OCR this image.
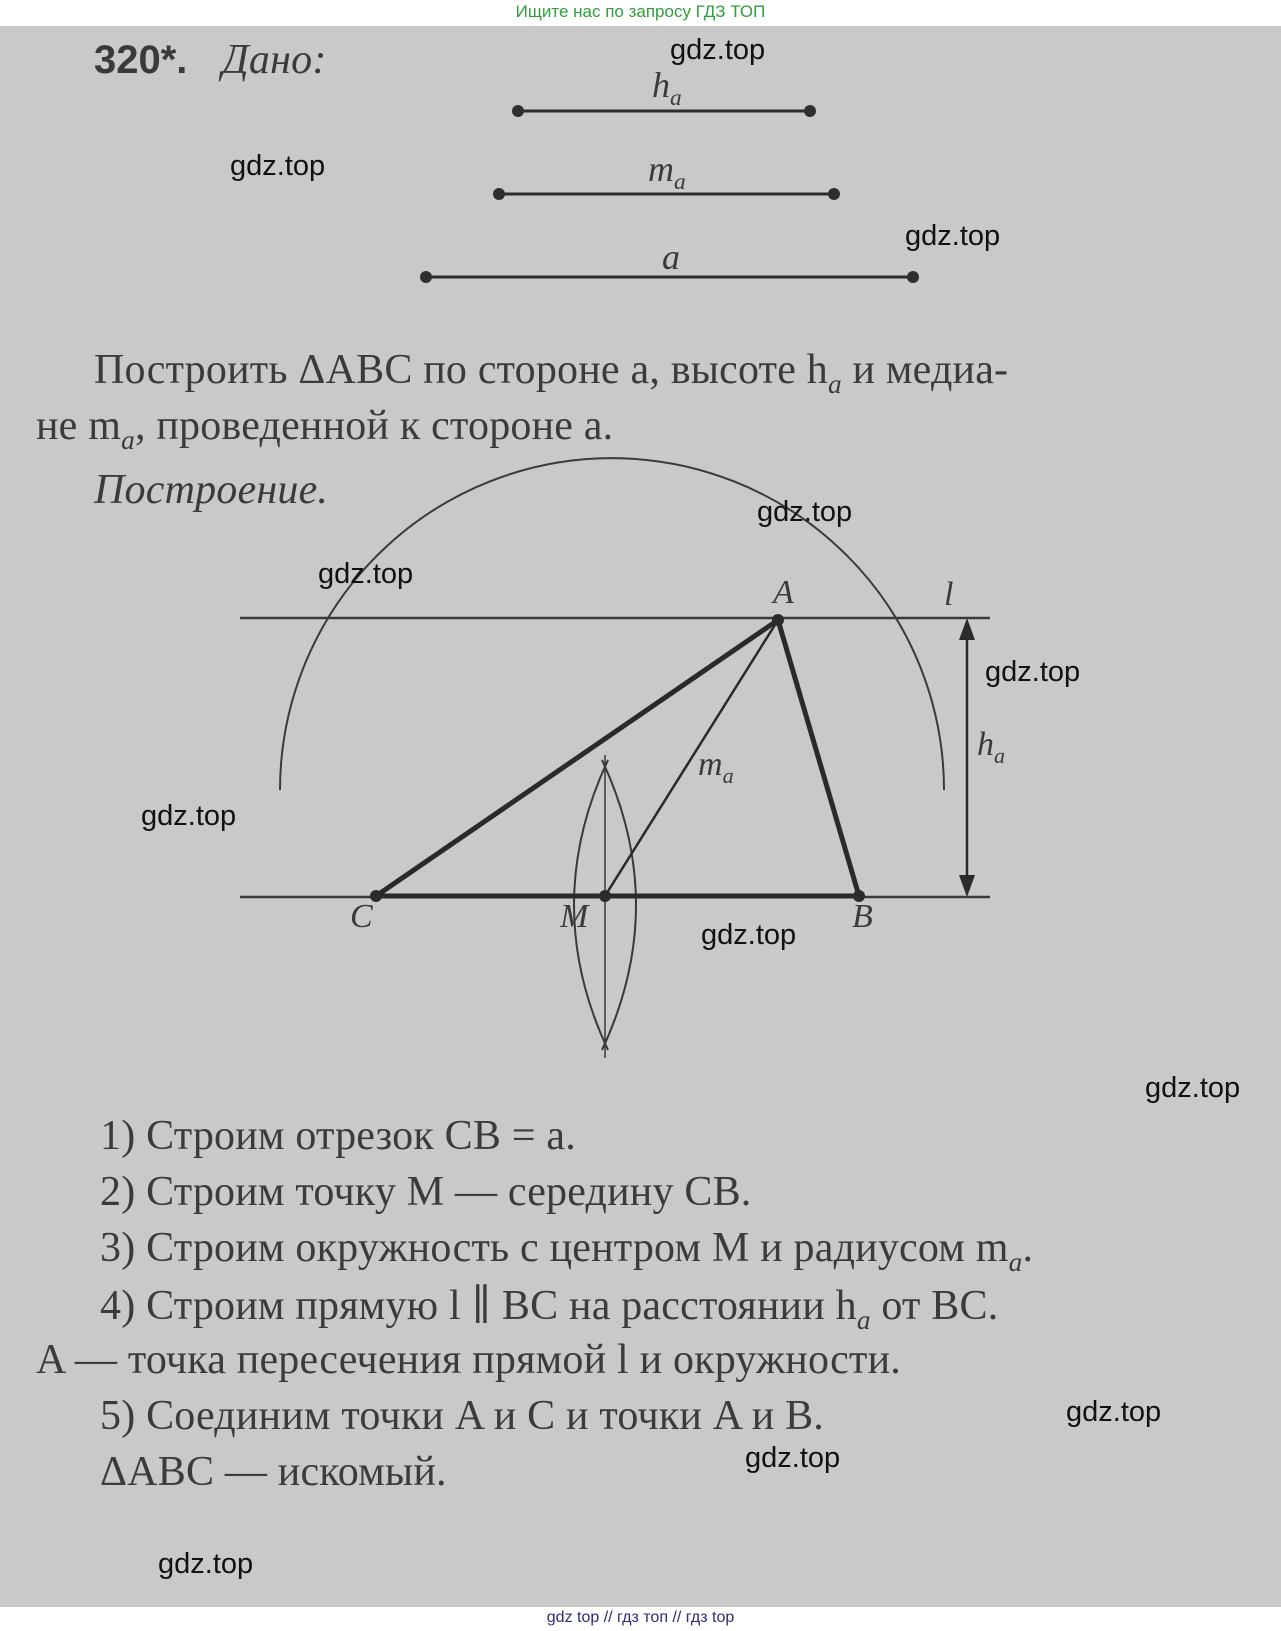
Ищите нас по запросу ГДЗ ТОП
320*. Дано:
$h_a$
$m_a$
a
Построить ΔABC по стороне a, высоте $h_a$ и медиа-
не $m_a$, проведенной к стороне a.
Построение.
A	l
C	M	B
$m_a$
$h_a$
1) Строим отрезок CB = a.
2) Строим точку M — середину CB.
3) Строим окружность с центром M и радиусом $m_a$.
4) Строим прямую l ∥ BC на расстоянии $h_a$ от BC.
A — точка пересечения прямой l и окружности.
5) Соединим точки A и C и точки A и B.
ΔABC — искомый.
gdz.top
gdz.top
gdz.top
gdz.top
gdz.top
gdz.top
gdz.top
gdz.top
gdz.top
gdz.top
gdz.top
gdz.top
gdz top // гдз топ // гдз top
